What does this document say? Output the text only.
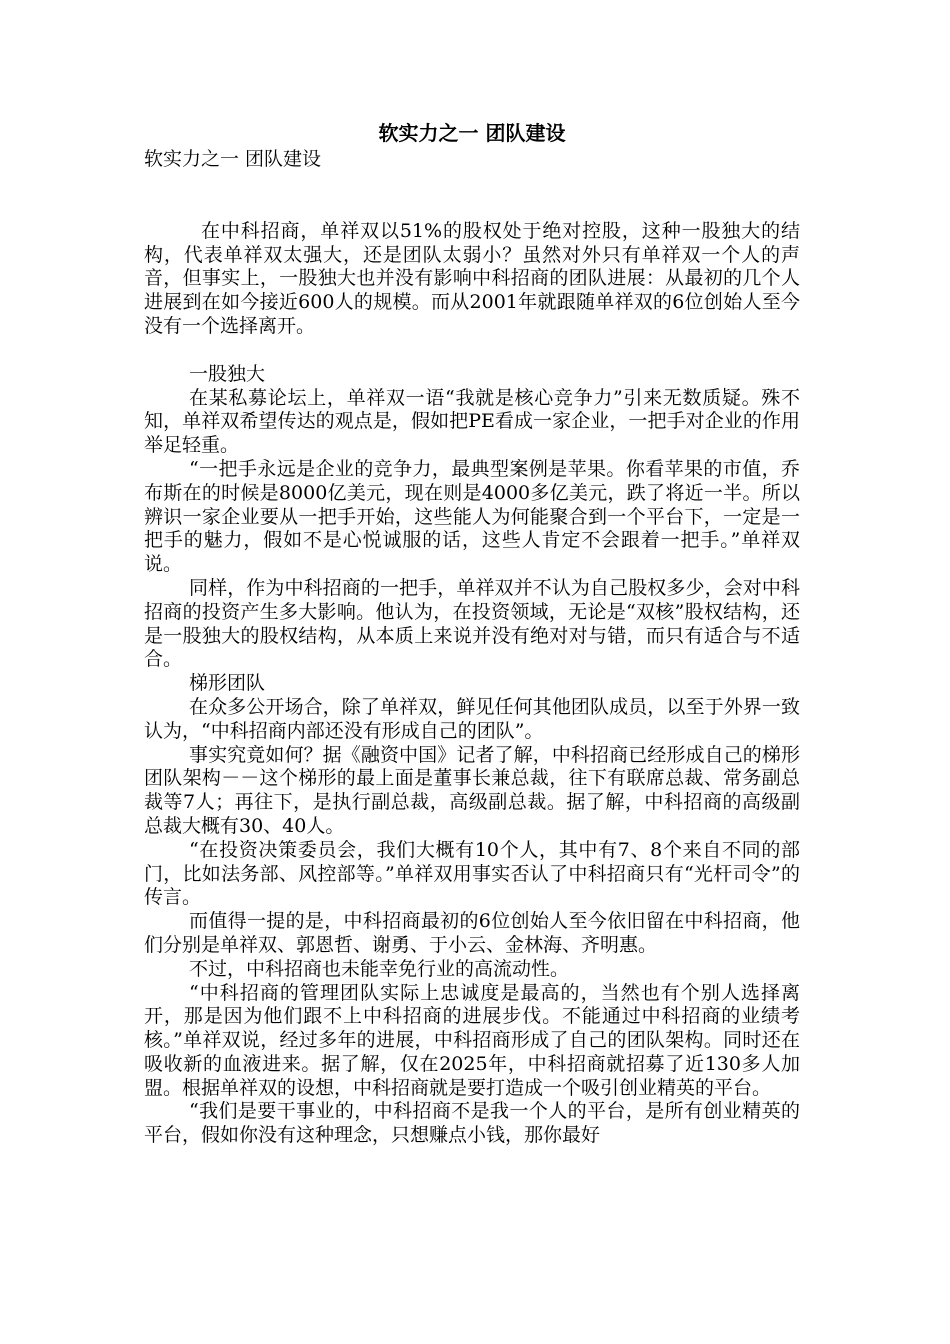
软实力之一 团队建设
软实力之一 团队建设

在中科招商，单祥双以51%的股权处于绝对控股，这种一股独大的结构，代表单祥双太强大，还是团队太弱小？虽然对外只有单祥双一个人的声音，但事实上，一股独大也并没有影响中科招商的团队进展：从最初的几个人进展到在如今接近600人的规模。而从2001年就跟随单祥双的6位创始人至今没有一个选择离开。

一股独大

在某私募论坛上，单祥双一语“我就是核心竞争力”引来无数质疑。殊不知，单祥双希望传达的观点是，假如把PE看成一家企业，一把手对企业的作用举足轻重。

“一把手永远是企业的竞争力，最典型案例是苹果。你看苹果的市值，乔布斯在的时候是8000亿美元，现在则是4000多亿美元，跌了将近一半。所以辨识一家企业要从一把手开始，这些能人为何能聚合到一个平台下，一定是一把手的魅力，假如不是心悦诚服的话，这些人肯定不会跟着一把手。”单祥双说。

同样，作为中科招商的一把手，单祥双并不认为自己股权多少，会对中科招商的投资产生多大影响。他认为，在投资领域，无论是“双核”股权结构，还是一股独大的股权结构，从本质上来说并没有绝对对与错，而只有适合与不适合。

梯形团队

在众多公开场合，除了单祥双，鲜见任何其他团队成员，以至于外界一致认为，“中科招商内部还没有形成自己的团队”。

事实究竟如何？据《融资中国》记者了解，中科招商已经形成自己的梯形团队架构－－这个梯形的最上面是董事长兼总裁，往下有联席总裁、常务副总裁等7人；再往下，是执行副总裁，高级副总裁。据了解，中科招商的高级副总裁大概有30、40人。

“在投资决策委员会，我们大概有10个人，其中有7、8个来自不同的部门，比如法务部、风控部等。”单祥双用事实否认了中科招商只有“光杆司令”的传言。

而值得一提的是，中科招商最初的6位创始人至今依旧留在中科招商，他们分别是单祥双、郭恩哲、谢勇、于小云、金林海、齐明惠。

不过，中科招商也未能幸免行业的高流动性。

“中科招商的管理团队实际上忠诚度是最高的，当然也有个别人选择离开，那是因为他们跟不上中科招商的进展步伐。不能通过中科招商的业绩考核。”单祥双说，经过多年的进展，中科招商形成了自己的团队架构。同时还在吸收新的血液进来。据了解，仅在2025年，中科招商就招募了近130多人加盟。根据单祥双的设想，中科招商就是要打造成一个吸引创业精英的平台。

“我们是要干事业的，中科招商不是我一个人的平台，是所有创业精英的平台，假如你没有这种理念，只想赚点小钱，那你最好
